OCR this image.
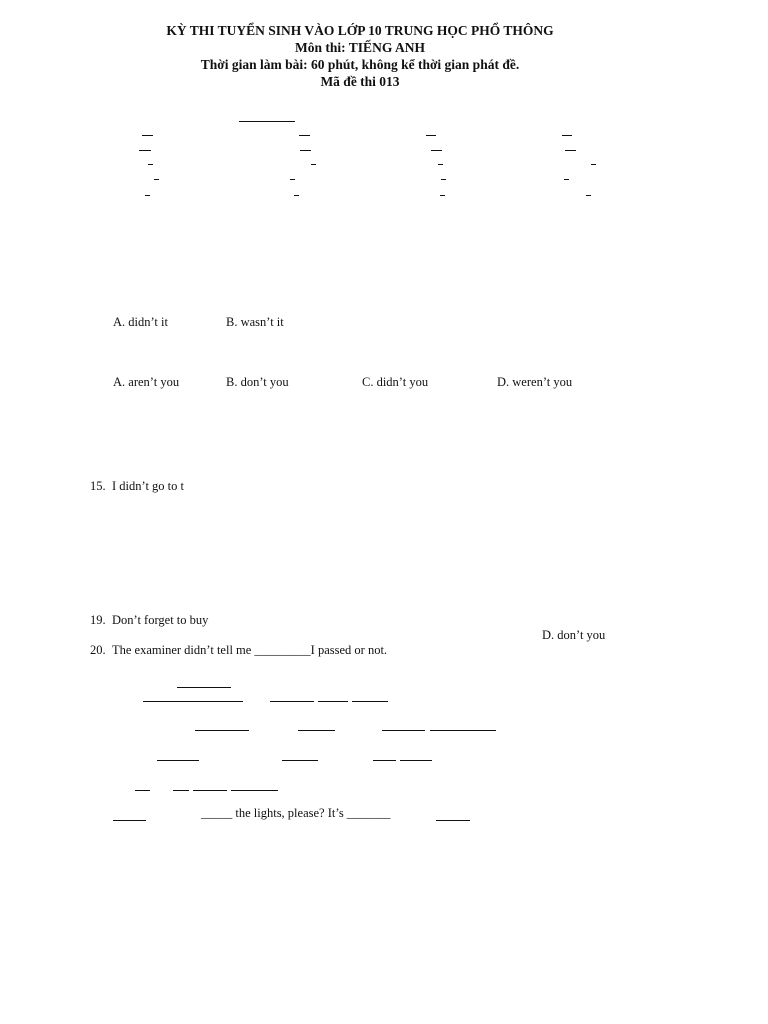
KỲ THI TUYỂN SINH VÀO LỚP 10 TRUNG HỌC PHỔ THÔNG
Môn thi: TIẾNG ANH
Thời gian làm bài: 60 phút, không kể thời gian phát đề.
Mã đề thi 013
A. didn’t it	B. wasn’t it
A. aren’t you	B. don’t you	C. didn’t you	D. weren’t you
15. I didn’t go to t
19. Don’t forget to buy
D. don’t you
20. The examiner didn’t tell me _________I passed or not.
_____ the lights, please? It’s _______
